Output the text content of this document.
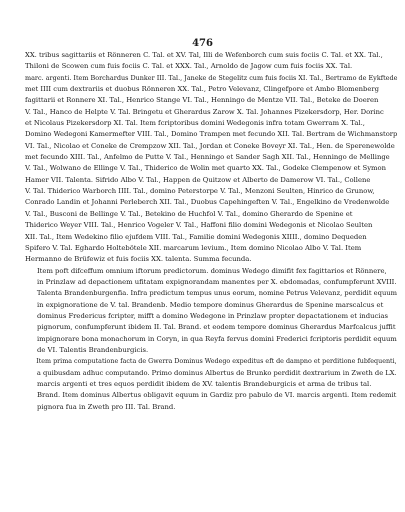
476
XX. tribus sagittariis et Rönneren C. Tal. et XV. Tal, Illi de Wefenborch cum suis fociis C. Tal. et XX. Tal.,
Thiloni de Scowen cum fuis fociis C. Tal. et XXX. Tal., Arnoldo de Jagow cum fuis fociis XX. Tal.
marc. argenti. Item Borchardus Dunker III. Tal., Janeke de Stegelitz cum fuis fociis XI. Tal., Bertramo de Eykftede
met IIII cum dextrariis et duobus Rönneren XX. Tal., Petro Velevanz, Clingefpore et Ambo Blomenberg
fagittarii et Ronnere XI. Tal., Henrico Stange VI. Tal., Henningo de Mentze VII. Tal., Beteke de Doeren
V. Tal., Hanco de Helpte V. Tal. Bringetu et Gherardus Zarow X. Tal. Johannes Pizekersdorp, Her. Dorinc
et Nicolaus Pizekersdorp XI. Tal. Item fcriptoribus domini Wedegonis infra totam Gwerram X. Tal.,
Domino Wedegoni Kamermefter VIII. Tal., Domino Trampen met fecundo XII. Tal. Bertram de Wichmanstorp
VI. Tal., Nicolao et Coneke de Crempzow XII. Tal., Jordan et Coneke Boveyr XI. Tal., Hen. de Sperenewolde
met fecundo XIII. Tal., Anfelmo de Putte V. Tal., Henningo et Sander Sagh XII. Tal., Henningo de Mellinge
V. Tal., Wolwano de Ellinge V. Tal., Thiderico de Wolin met quarto XX. Tal., Godeke Clempenow et Symon
Hamer VII. Talenta. Sifrido Albo V. Tal., Happen de Quitzow et Alberto de Damerow VI. Tal., Collene
V. Tal. Thiderico Warborch IIII. Tal., domino Peterstorpe V. Tal., Menzoni Seulten, Hinrico de Grunow,
Conrado Landin et Johanni Perleberch XII. Tal., Duobus Capehingeften V. Tal., Engelkino de Vredenwolde
V. Tal., Busconi de Bellinge V. Tal., Betekino de Huchfol V. Tal., domino Gherardo de Spenine et
Thiderico Weyer VIII. Tal., Henrico Vogeler V. Tal., Haffoni filio domini Wedegonis et Nicolao Seulten
XII. Tal., Item Wedekino filio ejufdem VIII. Tal., Familie domini Wedegonis XIIII., domino Dequeden
Spifero V. Tal. Eghardo Holtebötele XII. marcarum levium., Item domino Nicolao Albo V. Tal. Item
Hermanno de Brüfewiz et fuis fociis XX. talenta. Summa fecunda.
Item poft difceffum omnium iftorum predictorum. dominus Wedego dimifit fex fagittarios et Rönnere,
in Prinzlaw ad depactionem ufitatam expignorandam manentes per X. ebdomadas, confumpferunt XVIII.
Talenta Brandenburgenfia. Infra predictum tempus unus eorum, nomine Petrus Velevanz, perdidit equum
in expignoratione de V. tal. Brandenb. Medio tempore dominus Gherardus de Spenine marscalcus et
dominus Fredericus fcripter, mifft a domino Wedegone in Prinzlaw propter depactationem et inducias
pignorum, confumpferunt ibidem II. Tal. Brand. et eodem tempore dominus Gherardus Marfcalcus juffit
impignorare bona monachorum in Coryn, in qua Reyfa fervus domini Frederici fcriptoris perdidit equum
de VI. Talentis Brandenburgicis.
Item prima computatione facta de Gwerra Dominus Wedego expeditus eft de dampno et perditione fubfequenti,
a quibusdam adhuc computando. Primo dominus Albertus de Brunko perdidit dextrarium in Zweth de LX.
marcis argenti et tres equos perdidit ibidem de XV. talentis Brandeburgicis et arma de tribus tal.
Brand. Item dominus Albertus obligavit equum in Gardiz pro pabulo de VI. marcis argenti. Item redemit
pignora fua in Zweth pro III. Tal. Brand.
